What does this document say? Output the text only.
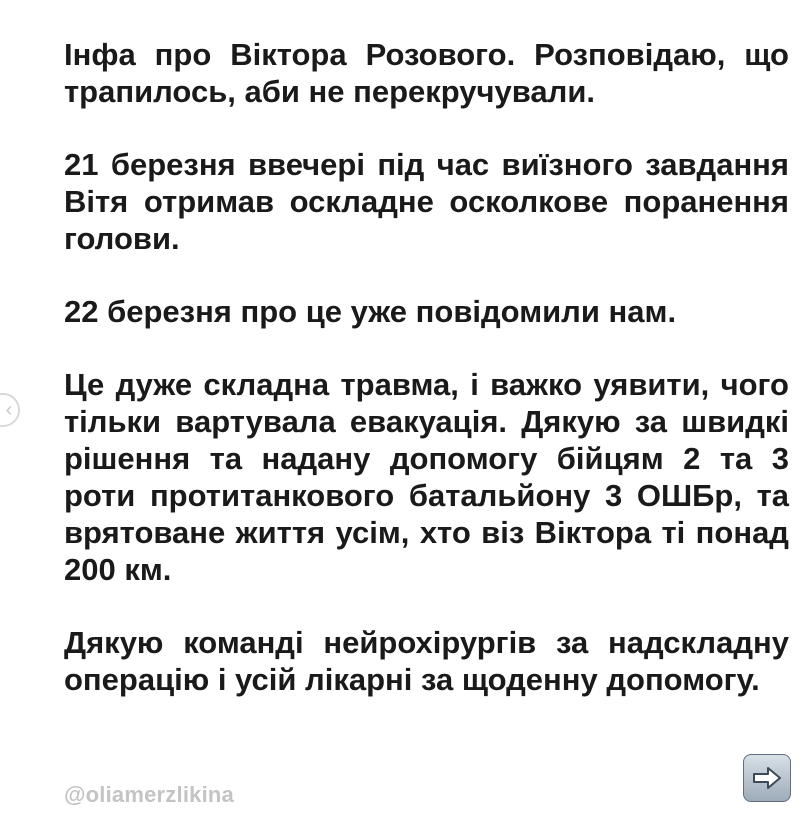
‹

Інфа про Віктора Розового. Розповідаю, що трапилось, аби не перекручували.

21 березня ввечері під час виїзного завдання Вітя отримав оскладне осколкове поранення голови.

22 березня про це уже повідомили нам.

Це дуже складна травма, і важко уявити, чого тільки вартувала евакуація. Дякую за швидкі рішення та надану допомогу бійцям 2 та 3 роти протитанкового батальйону 3 ОШБр, та врятоване життя усім, хто віз Віктора ті понад 200 км.

Дякую команді нейрохірургів за надскладну операцію і усій лікарні за щоденну допомогу.

@oliamerzlikina
